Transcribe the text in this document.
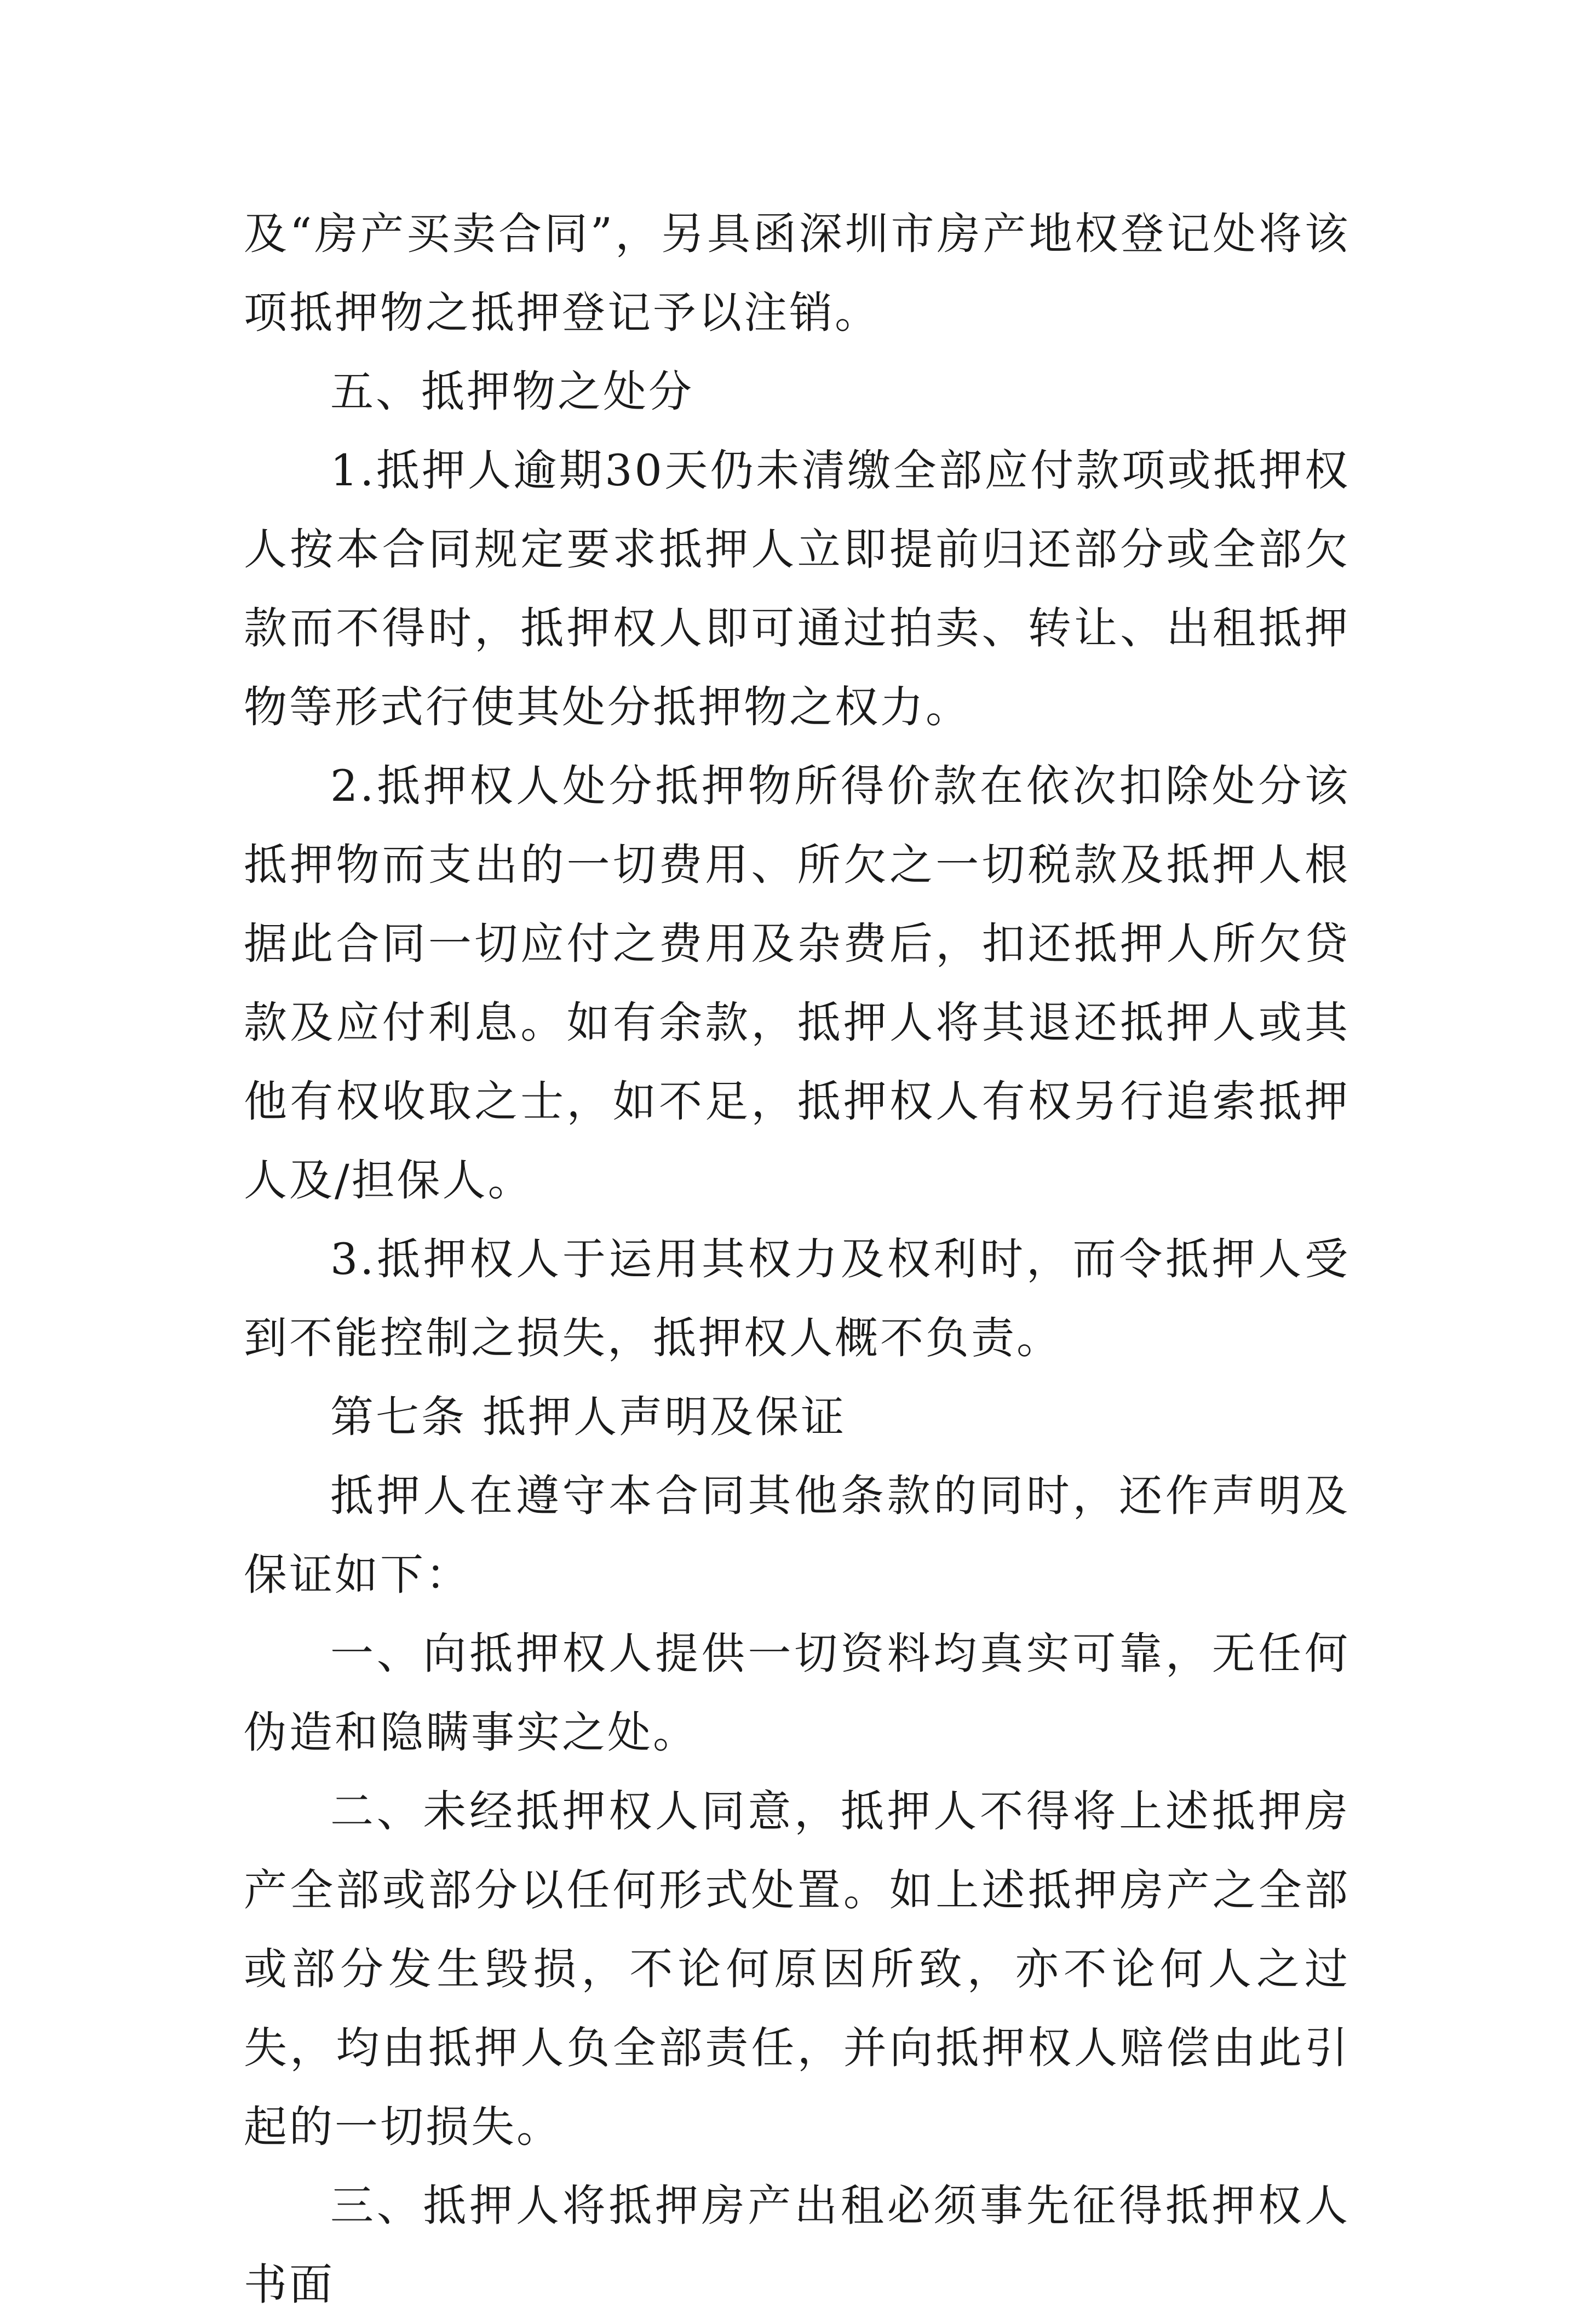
及“房产买卖合同”，另具函深圳市房产地权登记处将该项抵押物之抵押登记予以注销。

五、抵押物之处分

1.抵押人逾期30天仍未清缴全部应付款项或抵押权人按本合同规定要求抵押人立即提前归还部分或全部欠款而不得时，抵押权人即可通过拍卖、转让、出租抵押物等形式行使其处分抵押物之权力。

2.抵押权人处分抵押物所得价款在依次扣除处分该抵押物而支出的一切费用、所欠之一切税款及抵押人根据此合同一切应付之费用及杂费后，扣还抵押人所欠贷款及应付利息。如有余款，抵押人将其退还抵押人或其他有权收取之士，如不足，抵押权人有权另行追索抵押人及/担保人。

3.抵押权人于运用其权力及权利时，而令抵押人受到不能控制之损失，抵押权人概不负责。

第七条 抵押人声明及保证

抵押人在遵守本合同其他条款的同时，还作声明及保证如下：

一、向抵押权人提供一切资料均真实可靠，无任何伪造和隐瞒事实之处。

二、未经抵押权人同意，抵押人不得将上述抵押房产全部或部分以任何形式处置。如上述抵押房产之全部或部分发生毁损，不论何原因所致，亦不论何人之过失，均由抵押人负全部责任，并向抵押权人赔偿由此引起的一切损失。

三、抵押人将抵押房产出租必须事先征得抵押权人书面
